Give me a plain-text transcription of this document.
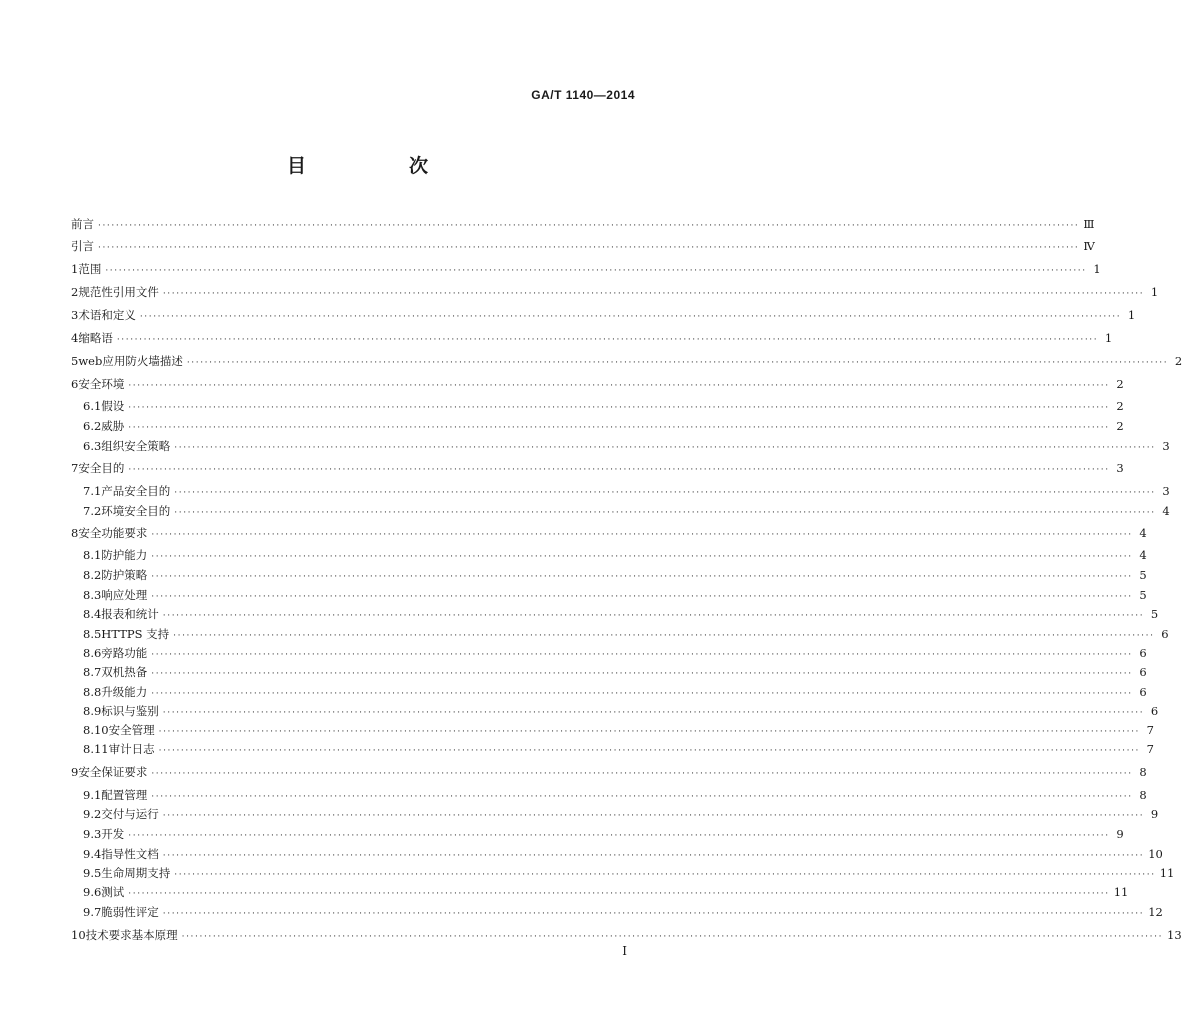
GA/T 1140—2014
目　次
前言 ···························································································································································································································· Ⅲ
引言 ···························································································································································································································· Ⅳ
1 范围 ···························································································································································································································· 1
2 规范性引用文件 ···························································································································································································································· 1
3 术语和定义 ···························································································································································································································· 1
4 缩略语 ···························································································································································································································· 1
5 web应用防火墙描述 ···························································································································································································································· 2
6 安全环境 ···························································································································································································································· 2
6.1 假设 ···························································································································································································································· 2
6.2 威胁 ···························································································································································································································· 2
6.3 组织安全策略 ···························································································································································································································· 3
7 安全目的 ···························································································································································································································· 3
7.1 产品安全目的 ···························································································································································································································· 3
7.2 环境安全目的 ···························································································································································································································· 4
8 安全功能要求 ···························································································································································································································· 4
8.1 防护能力 ···························································································································································································································· 4
8.2 防护策略 ···························································································································································································································· 5
8.3 响应处理 ···························································································································································································································· 5
8.4 报表和统计 ···························································································································································································································· 5
8.5 HTTPS 支持 ···························································································································································································································· 6
8.6 旁路功能 ···························································································································································································································· 6
8.7 双机热备 ···························································································································································································································· 6
8.8 升级能力 ···························································································································································································································· 6
8.9 标识与鉴别 ···························································································································································································································· 6
8.10 安全管理 ···························································································································································································································· 7
8.11 审计日志 ···························································································································································································································· 7
9 安全保证要求 ···························································································································································································································· 8
9.1 配置管理 ···························································································································································································································· 8
9.2 交付与运行 ···························································································································································································································· 9
9.3 开发 ···························································································································································································································· 9
9.4 指导性文档 ···························································································································································································································· 10
9.5 生命周期支持 ···························································································································································································································· 11
9.6 测试 ···························································································································································································································· 11
9.7 脆弱性评定 ···························································································································································································································· 12
10 技术要求基本原理 ···························································································································································································································· 13
I
